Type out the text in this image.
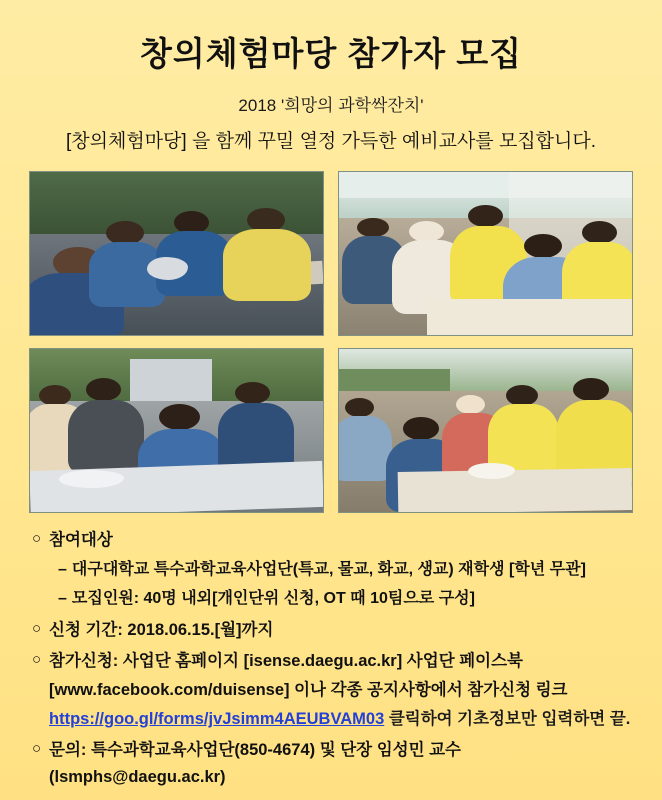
창의체험마당 참가자 모집
2018 '희망의 과학싹잔치'
[창의체험마당] 을 함께 꾸밀 열정 가득한 예비교사를 모집합니다.
○ 참여대상
– 대구대학교 특수과학교육사업단(특교, 물교, 화교, 생교) 재학생 [학년 무관]
– 모집인원: 40명 내외[개인단위 신청, OT 때 10팀으로 구성]
○ 신청 기간: 2018.06.15.[월]까지
○ 참가신청: 사업단 홈페이지 [isense.daegu.ac.kr] 사업단 페이스북
[www.facebook.com/duisense] 이나 각종 공지사항에서 참가신청 링크
https://goo.gl/forms/jvJsimm4AEUBVAM03 클릭하여 기초정보만 입력하면 끝.
○ 문의: 특수과학교육사업단(850-4674) 및 단장 임성민 교수(lsmphs@daegu.ac.kr)
